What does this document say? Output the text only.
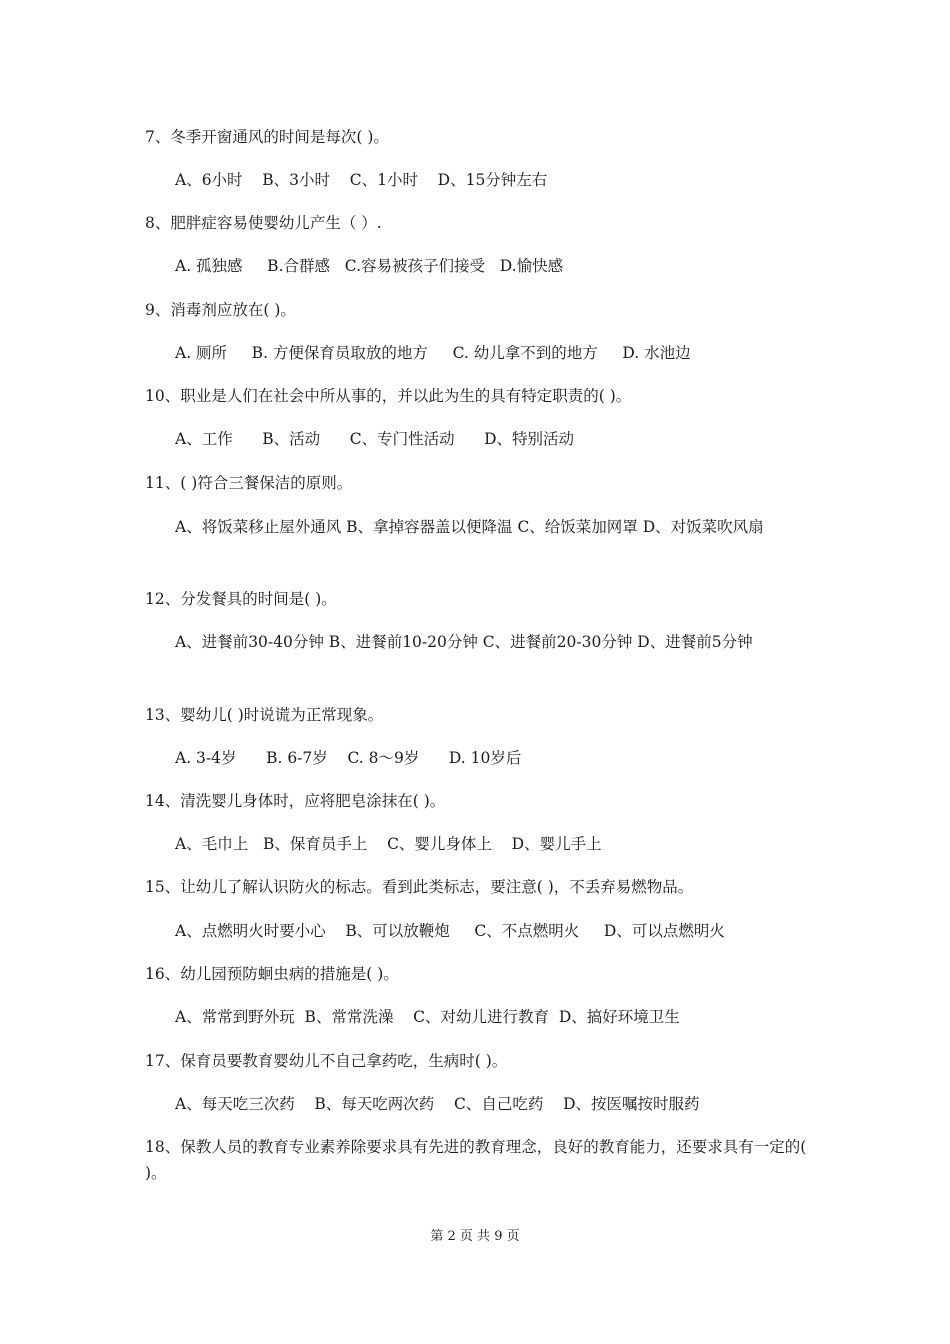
7、冬季开窗通风的时间是每次( )。
A、6小时    B、3小时    C、1小时    D、15分钟左右
8、肥胖症容易使婴幼儿产生（ ）.
A. 孤独感     B.合群感   C.容易被孩子们接受   D.愉快感
9、消毒剂应放在( )。
A. 厕所     B. 方便保育员取放的地方     C. 幼儿拿不到的地方     D. 水池边
10、职业是人们在社会中所从事的，并以此为生的具有特定职责的( )。
A、工作      B、活动      C、专门性活动      D、特别活动
11、( )符合三餐保洁的原则。
A、将饭菜移止屋外通风 B、拿掉容器盖以便降温 C、给饭菜加网罩 D、对饭菜吹风扇
12、分发餐具的时间是( )。
A、进餐前30-40分钟 B、进餐前10-20分钟 C、进餐前20-30分钟 D、进餐前5分钟
13、婴幼儿( )时说谎为正常现象。
A. 3-4岁      B. 6-7岁    C. 8～9岁      D. 10岁后
14、清洗婴儿身体时，应将肥皂涂抹在( )。
A、毛巾上   B、保育员手上    C、婴儿身体上    D、婴儿手上
15、让幼儿了解认识防火的标志。看到此类标志，要注意( )，不丢弃易燃物品。
A、点燃明火时要小心    B、可以放鞭炮     C、不点燃明火     D、可以点燃明火
16、幼儿园预防蛔虫病的措施是( )。
A、常常到野外玩  B、常常洗澡    C、对幼儿进行教育  D、搞好环境卫生
17、保育员要教育婴幼儿不自己拿药吃，生病时( )。
A、每天吃三次药    B、每天吃两次药    C、自己吃药    D、按医嘱按时服药
18、保教人员的教育专业素养除要求具有先进的教育理念，良好的教育能力，还要求具有一定的( )。
第 2 页 共 9 页
